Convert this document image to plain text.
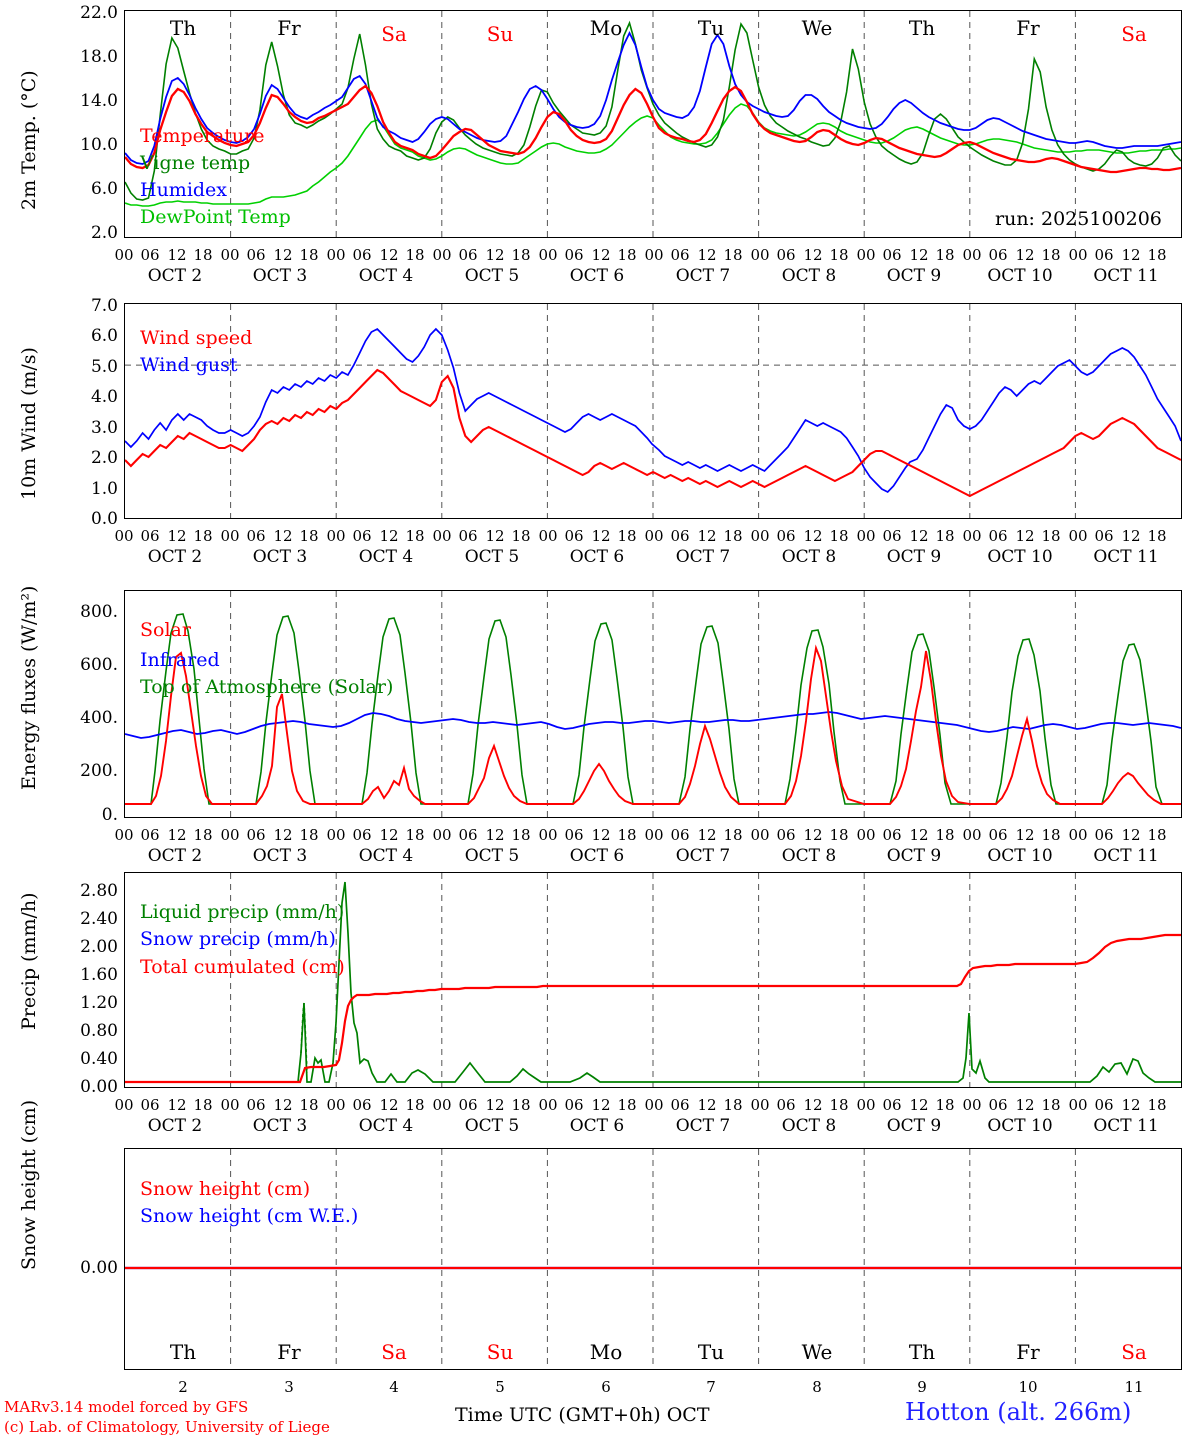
2m Temp. (°C)
22.0
18.0
14.0
10.0
6.0
2.0
Th	Fr	Sa	Su	Mo	Tu	We	Th	Fr	Sa
Temperature
Vigne temp
Humidex
DewPoint Temp	run: 2025100206
00 06 12 18 00 06 12 18 00 06 12 18 00 06 12 18 00 06 12 18 00 06 12 18 00 06 12 18 00 06 12 18 00 06 12 18 00 06 12 18
OCT 2	OCT 3	OCT 4	OCT 5	OCT 6	OCT 7	OCT 8	OCT 9	OCT 10	OCT 11
10m Wind (m/s)
7.0
6.0
5.0
4.0
3.0
2.0
1.0
0.0
Wind speed
Wind gust
00 06 12 18 00 06 12 18 00 06 12 18 00 06 12 18 00 06 12 18 00 06 12 18 00 06 12 18 00 06 12 18 00 06 12 18 00 06 12 18
OCT 2	OCT 3	OCT 4	OCT 5	OCT 6	OCT 7	OCT 8	OCT 9	OCT 10	OCT 11
Energy fluxes (W/m²)	800.
600.
400.
200.
0.
Solar
Infrared
Top of Atmosphere (Solar)
00 06 12 18 00 06 12 18 00 06 12 18 00 06 12 18 00 06 12 18 00 06 12 18 00 06 12 18 00 06 12 18 00 06 12 18 00 06 12 18
OCT 2	OCT 3	OCT 4	OCT 5	OCT 6	OCT 7	OCT 8	OCT 9	OCT 10	OCT 11
Precip (mm/h)
2.80
2.40
2.00
1.60
1.20
0.80
0.40
0.00
Liquid precip (mm/h)
Snow precip (mm/h)
Total cumulated (cm)
00 06 12 18 00 06 12 18 00 06 12 18 00 06 12 18 00 06 12 18 00 06 12 18 00 06 12 18 00 06 12 18 00 06 12 18 00 06 12 18
OCT 2	OCT 3	OCT 4	OCT 5	OCT 6	OCT 7	OCT 8	OCT 9	OCT 10	OCT 11
Snow height (cm)	0.00
Snow height (cm)
Snow height (cm W.E.)
Th	Fr	Sa	Su	Mo	Tu	We	Th	Fr	Sa
2	3	4	5	6	7	8	9	10	11
MARv3.14 model forced by GFS
(c) Lab. of Climatology, University of Liege
Time UTC (GMT+0h) OCT	Hotton (alt. 266m)
